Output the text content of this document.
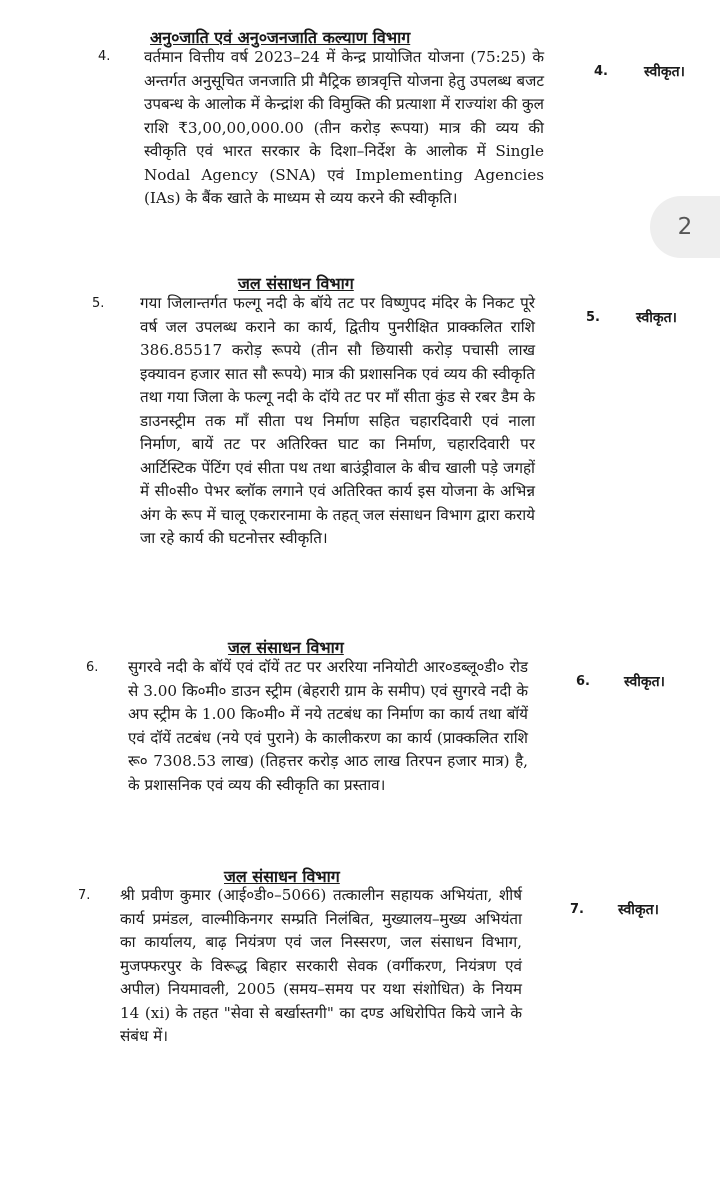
अनु०जाति एवं अनु०जनजाति कल्याण विभाग
4. वर्तमान वित्तीय वर्ष 2023–24 में केन्द्र प्रायोजित योजना (75:25) के अन्तर्गत अनुसूचित जनजाति प्री मैट्रिक छात्रवृत्ति योजना हेतु उपलब्ध बजट उपबन्ध के आलोक में केन्द्रांश की विमुक्ति की प्रत्याशा में राज्यांश की कुल राशि ₹3,00,00,000.00 (तीन करोड़ रूपया) मात्र की व्यय की स्वीकृति एवं भारत सरकार के दिशा–निर्देश के आलोक में Single Nodal Agency (SNA) एवं Implementing Agencies (IAs) के बैंक खाते के माध्यम से व्यय करने की स्वीकृति।
4.	स्वीकृत।
2
जल संसाधन विभाग
5. गया जिलान्तर्गत फल्गू नदी के बॉये तट पर विष्णुपद मंदिर के निकट पूरे वर्ष जल उपलब्ध कराने का कार्य, द्वितीय पुनरीक्षित प्राक्कलित राशि 386.85517 करोड़ रूपये (तीन सौ छियासी करोड़ पचासी लाख इक्यावन हजार सात सौ रूपये) मात्र की प्रशासनिक एवं व्यय की स्वीकृति तथा गया जिला के फल्गू नदी के दॉये तट पर माँ सीता कुंड से रबर डैम के डाउनस्ट्रीम तक माँ सीता पथ निर्माण सहित चहारदिवारी एवं नाला निर्माण, बायें तट पर अतिरिक्त घाट का निर्माण, चहारदिवारी पर आर्टिस्टिक पेंटिंग एवं सीता पथ तथा बाउंड्रीवाल के बीच खाली पड़े जगहों में सी०सी० पेभर ब्लॉक लगाने एवं अतिरिक्त कार्य इस योजना के अभिन्न अंग के रूप में चालू एकरारनामा के तहत् जल संसाधन विभाग द्वारा कराये जा रहे कार्य की घटनोत्तर स्वीकृति।
5.	स्वीकृत।
जल संसाधन विभाग
6. सुगरवे नदी के बॉयें एवं दॉयें तट पर अररिया ननियोटी आर०डब्लू०डी० रोड से 3.00 कि०मी० डाउन स्ट्रीम (बेहरारी ग्राम के समीप) एवं सुगरवे नदी के अप स्ट्रीम के 1.00 कि०मी० में नये तटबंध का निर्माण का कार्य तथा बॉयें एवं दॉयें तटबंध (नये एवं पुराने) के कालीकरण का कार्य (प्राक्कलित राशि रू० 7308.53 लाख) (तिहत्तर करोड़ आठ लाख तिरपन हजार मात्र) है, के प्रशासनिक एवं व्यय की स्वीकृति का प्रस्ताव।
6. स्वीकृत।
जल संसाधन विभाग
7. श्री प्रवीण कुमार (आई०डी०–5066) तत्कालीन सहायक अभियंता, शीर्ष कार्य प्रमंडल, वाल्मीकिनगर सम्प्रति निलंबित, मुख्यालय–मुख्य अभियंता का कार्यालय, बाढ़ नियंत्रण एवं जल निस्सरण, जल संसाधन विभाग, मुजफ्फरपुर के विरूद्ध बिहार सरकारी सेवक (वर्गीकरण, नियंत्रण एवं अपील) नियमावली, 2005 (समय–समय पर यथा संशोधित) के नियम 14 (xi) के तहत "सेवा से बर्खास्तगी" का दण्ड अधिरोपित किये जाने के संबंध में।
7. स्वीकृत।
